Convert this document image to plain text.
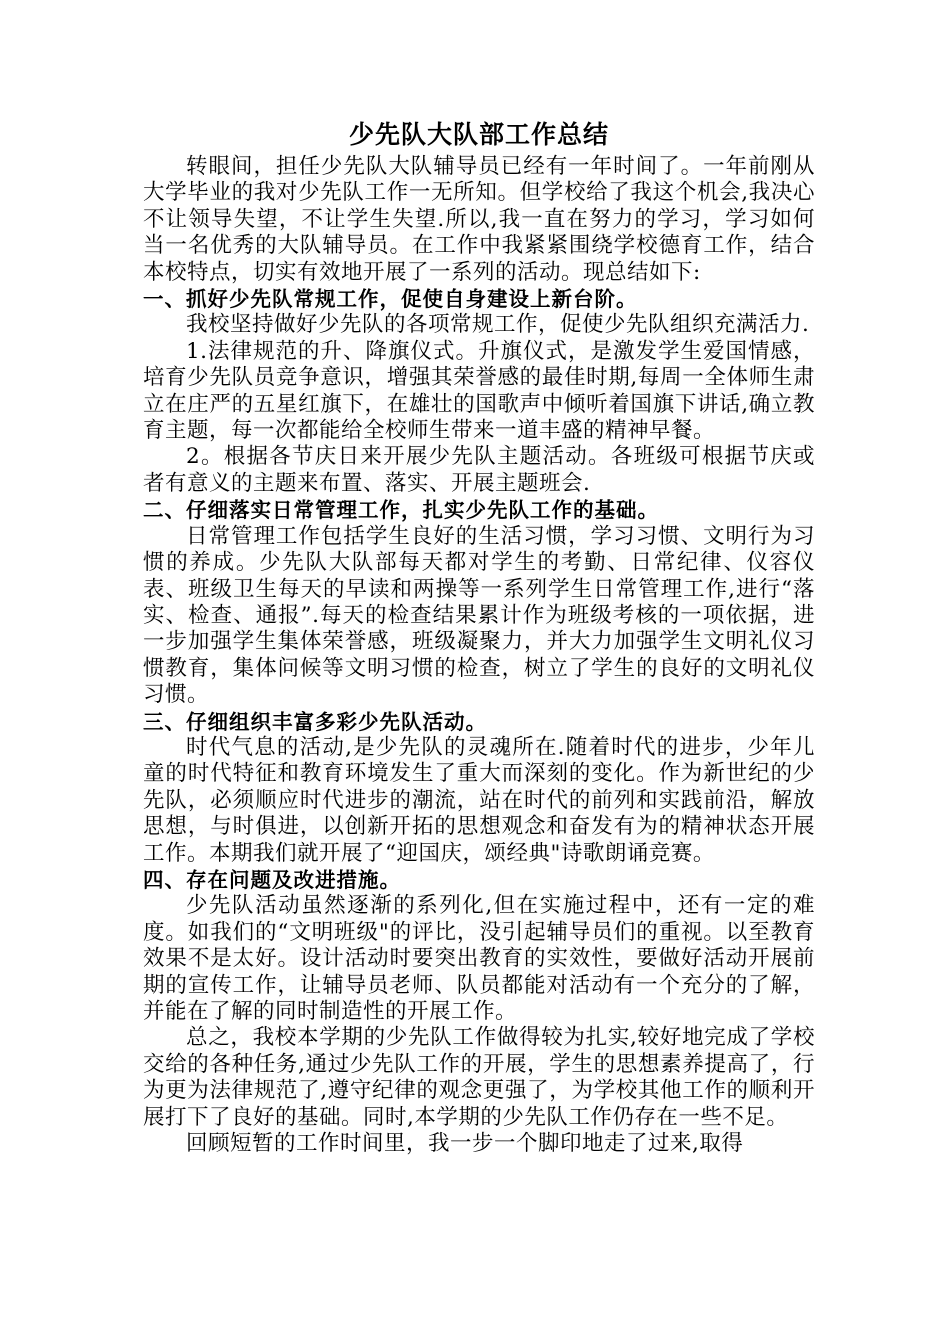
少先队大队部工作总结

转眼间，担任少先队大队辅导员已经有一年时间了。一年前刚从大学毕业的我对少先队工作一无所知。但学校给了我这个机会,我决心不让领导失望，不让学生失望.所以,我一直在努力的学习，学习如何当一名优秀的大队辅导员。在工作中我紧紧围绕学校德育工作，结合本校特点，切实有效地开展了一系列的活动。现总结如下:

一、抓好少先队常规工作，促使自身建设上新台阶。

我校坚持做好少先队的各项常规工作，促使少先队组织充满活力.

1.法律规范的升、降旗仪式。升旗仪式，是激发学生爱国情感，培育少先队员竞争意识，增强其荣誉感的最佳时期,每周一全体师生肃立在庄严的五星红旗下，在雄壮的国歌声中倾听着国旗下讲话,确立教育主题，每一次都能给全校师生带来一道丰盛的精神早餐。

2。根据各节庆日来开展少先队主题活动。各班级可根据节庆或者有意义的主题来布置、落实、开展主题班会.

二、仔细落实日常管理工作，扎实少先队工作的基础。

日常管理工作包括学生良好的生活习惯，学习习惯、文明行为习惯的养成。少先队大队部每天都对学生的考勤、日常纪律、仪容仪表、班级卫生每天的早读和两操等一系列学生日常管理工作,进行“落实、检查、通报”.每天的检查结果累计作为班级考核的一项依据，进一步加强学生集体荣誉感，班级凝聚力，并大力加强学生文明礼仪习惯教育，集体问候等文明习惯的检查，树立了学生的良好的文明礼仪习惯。

三、仔细组织丰富多彩少先队活动。

时代气息的活动,是少先队的灵魂所在.随着时代的进步，少年儿童的时代特征和教育环境发生了重大而深刻的变化。作为新世纪的少先队，必须顺应时代进步的潮流，站在时代的前列和实践前沿，解放思想，与时俱进，以创新开拓的思想观念和奋发有为的精神状态开展工作。本期我们就开展了“迎国庆，颂经典"诗歌朗诵竞赛。

四、存在问题及改进措施。

少先队活动虽然逐渐的系列化,但在实施过程中，还有一定的难度。如我们的“文明班级"的评比，没引起辅导员们的重视。以至教育效果不是太好。设计活动时要突出教育的实效性，要做好活动开展前期的宣传工作，让辅导员老师、队员都能对活动有一个充分的了解，并能在了解的同时制造性的开展工作。

总之，我校本学期的少先队工作做得较为扎实,较好地完成了学校交给的各种任务,通过少先队工作的开展，学生的思想素养提高了，行为更为法律规范了,遵守纪律的观念更强了，为学校其他工作的顺利开展打下了良好的基础。同时,本学期的少先队工作仍存在一些不足。

回顾短暂的工作时间里，我一步一个脚印地走了过来,取得
